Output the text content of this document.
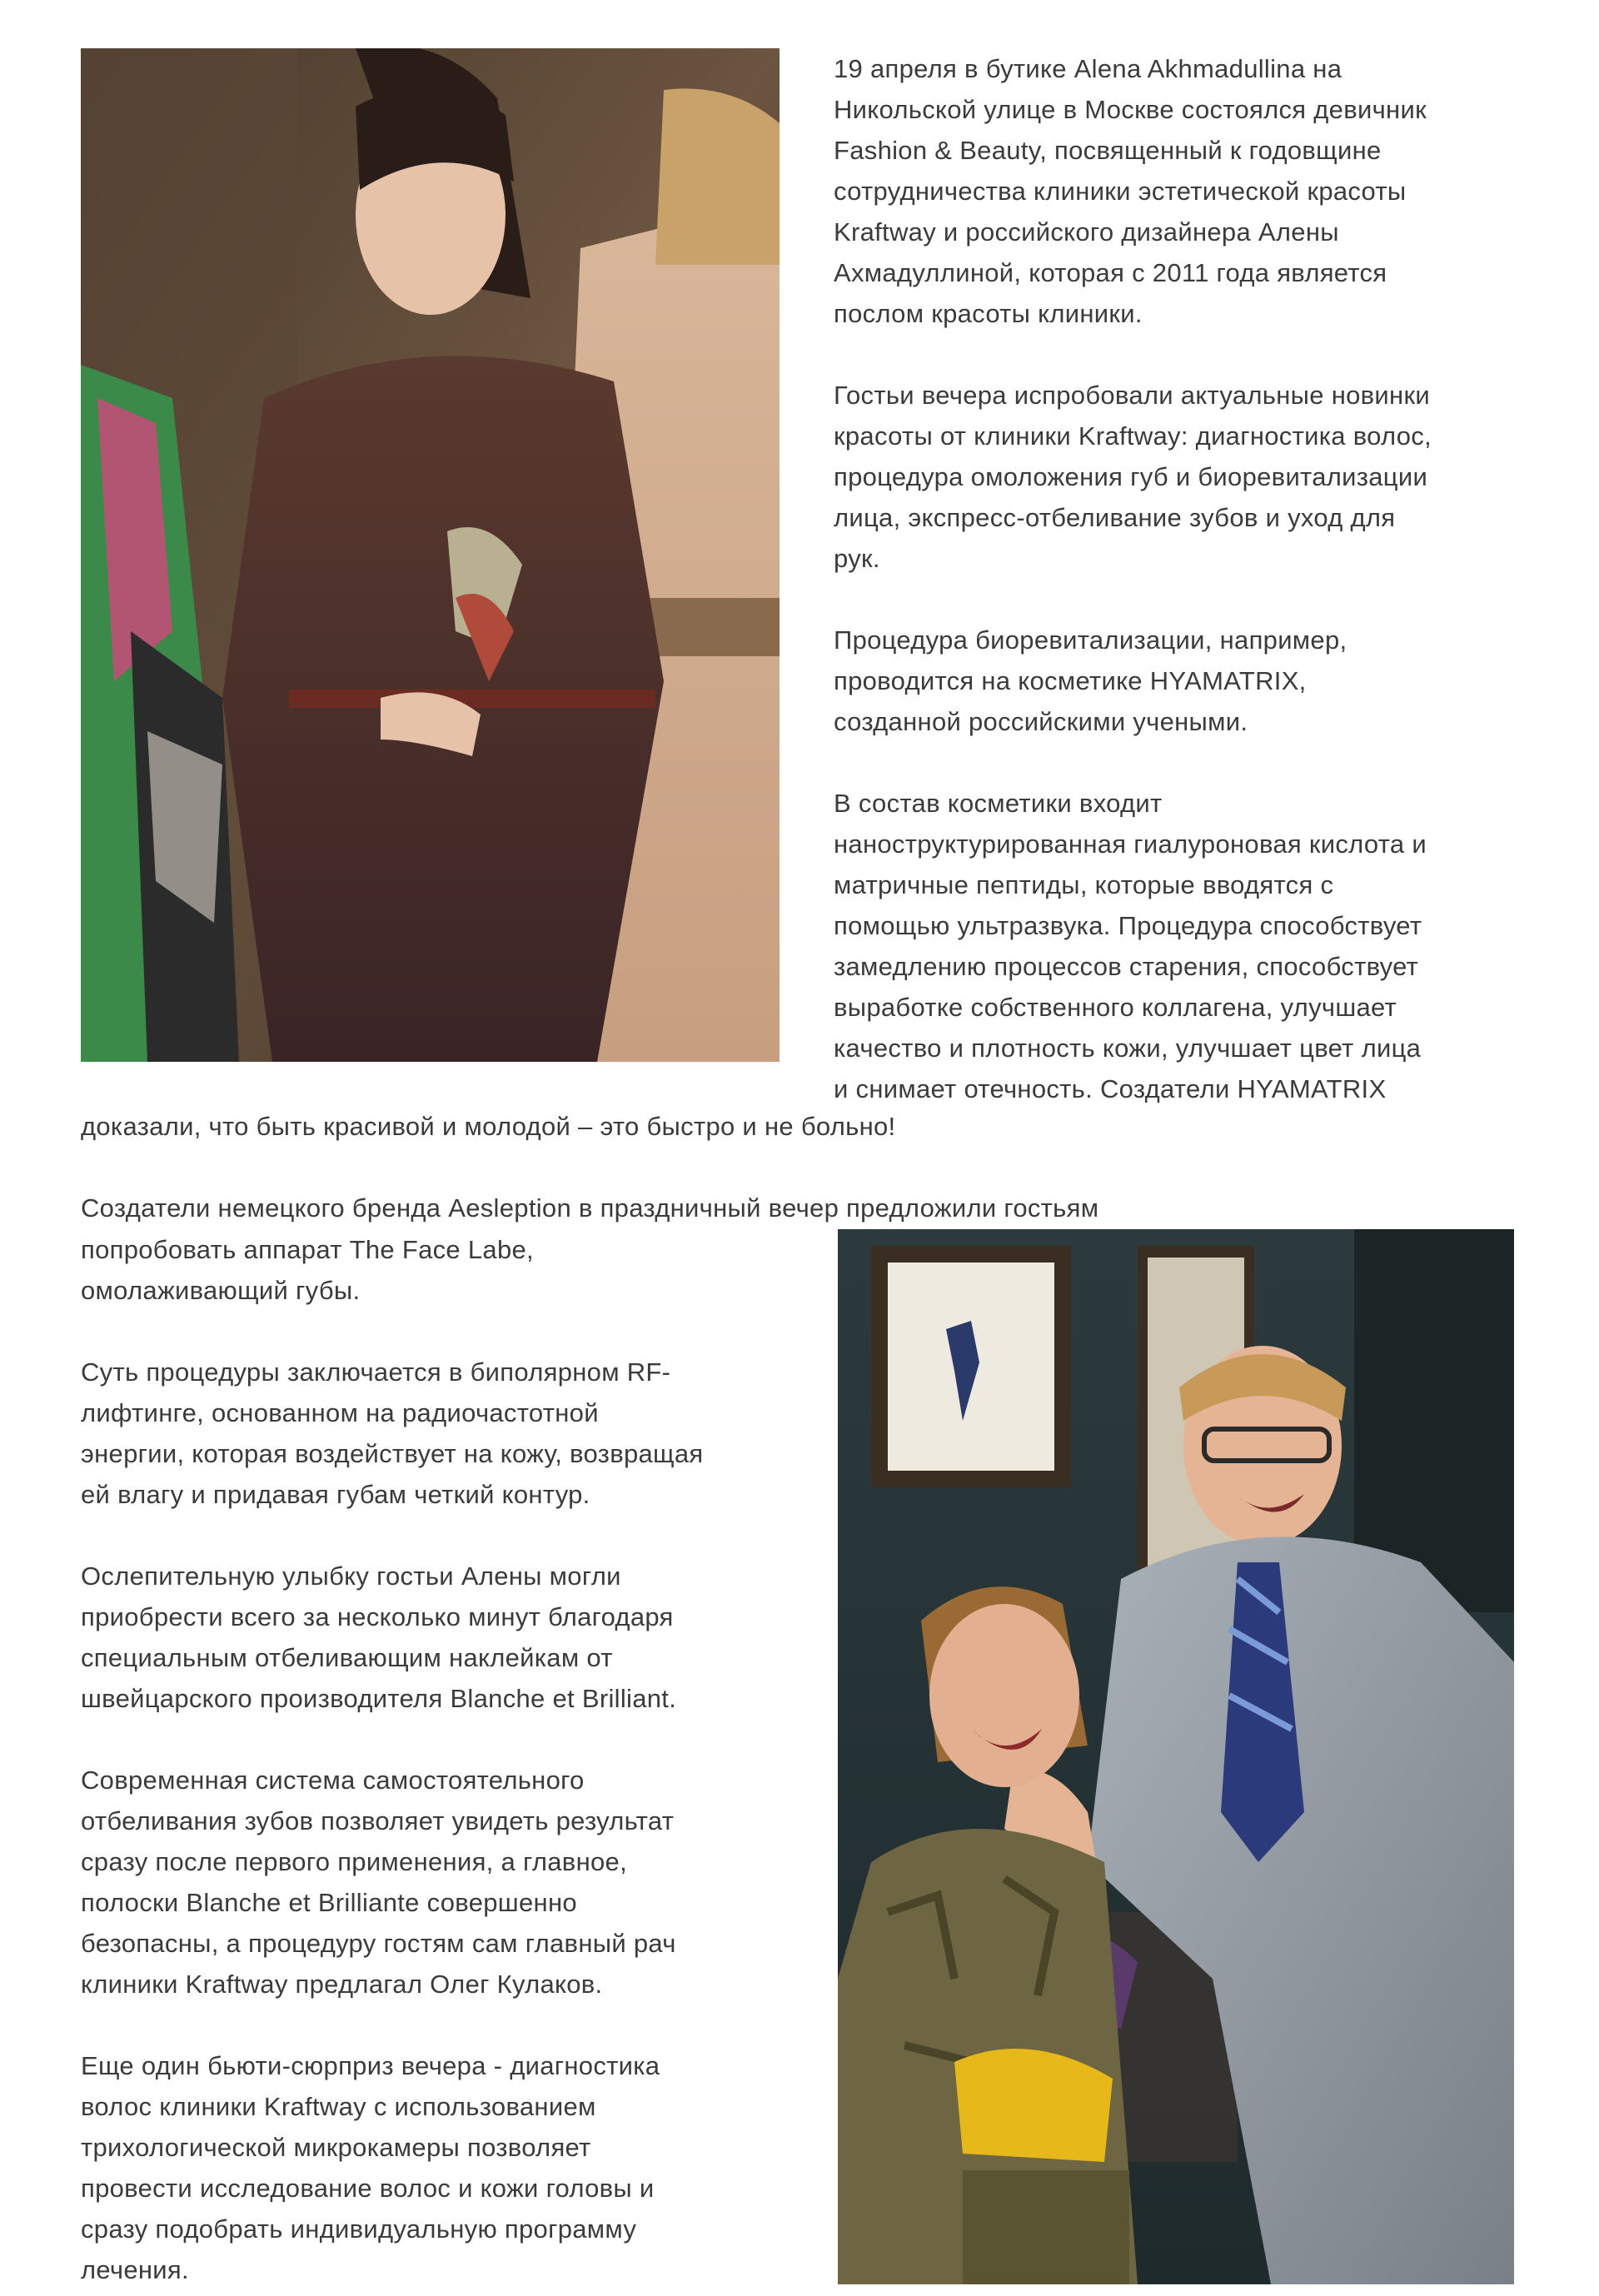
19 апреля в бутике Alena Akhmadullina на
Никольской улице в Москве состоялся девичник
Fashion & Beauty, посвященный к годовщине
сотрудничества клиники эстетической красоты
Kraftway и российского дизайнера Алены
Ахмадуллиной, которая с 2011 года является
послом красоты клиники.

Гостьи вечера испробовали актуальные новинки
красоты от клиники Kraftway: диагностика волос,
процедура омоложения губ и биоревитализации
лица, экспресс-отбеливание зубов и уход для
рук.

Процедура биоревитализации, например,
проводится на косметике HYAMATRIX,
созданной российскими учеными.

В состав косметики входит
наноструктурированная гиалуроновая кислота и
матричные пептиды, которые вводятся с
помощью ультразвука. Процедура способствует
замедлению процессов старения, способствует
выработке собственного коллагена, улучшает
качество и плотность кожи, улучшает цвет лица
и снимает отечность. Создатели HYAMATRIX

доказали, что быть красивой и молодой – это быстро и не больно!

Создатели немецкого бренда Aesleption в праздничный вечер предложили гостьям

попробовать аппарат The Face Labe,
омолаживающий губы.

Суть процедуры заключается в биполярном RF-
лифтинге, основанном на радиочастотной
энергии, которая воздействует на кожу, возвращая
ей влагу и придавая губам четкий контур.

Ослепительную улыбку гостьи Алены могли
приобрести всего за несколько минут благодаря
специальным отбеливающим наклейкам от
швейцарского производителя Blanche et Brilliant.

Современная система самостоятельного
отбеливания зубов позволяет увидеть результат
сразу после первого применения, а главное,
полоски Blanche et Brilliante совершенно
безопасны, а процедуру гостям сам главный рач
клиники Kraftway предлагал Олег Кулаков.

Еще один бьюти-сюрприз вечера - диагностика
волос клиники Kraftway с использованием
трихологической микрокамеры позволяет
провести исследование волос и кожи головы и
сразу подобрать индивидуальную программу
лечения.
